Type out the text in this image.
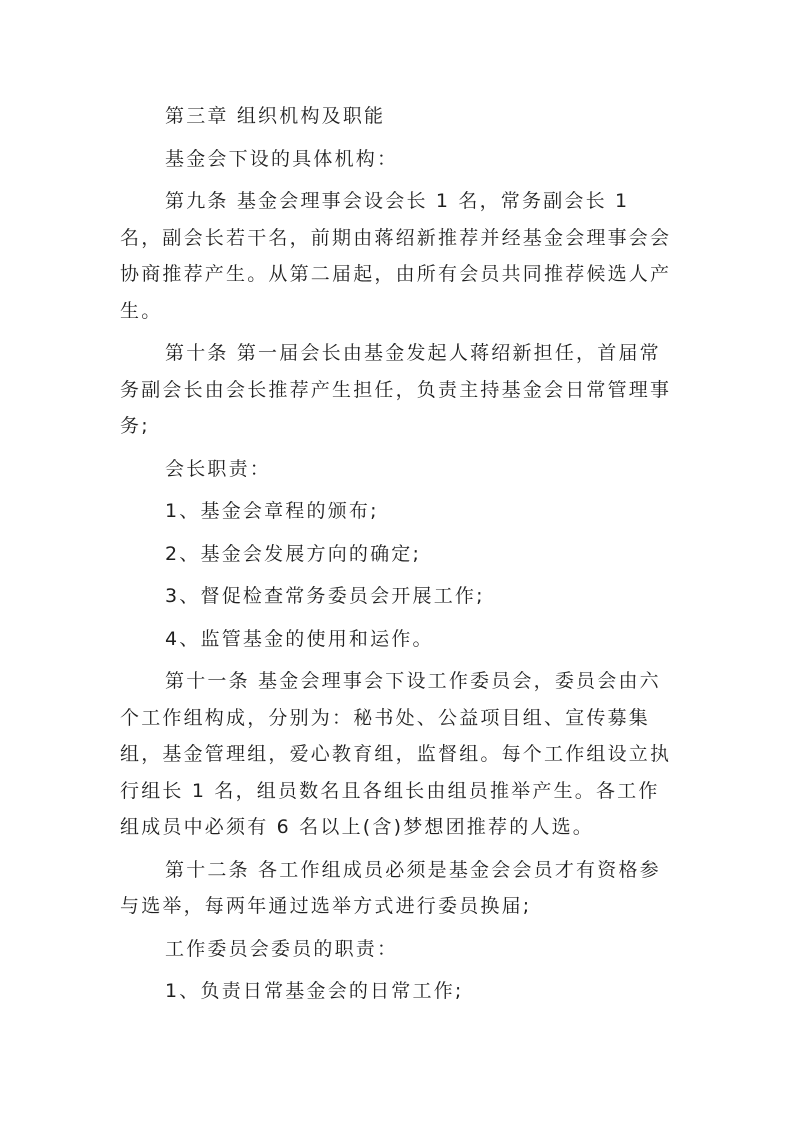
第三章 组织机构及职能

基金会下设的具体机构：

第九条 基金会理事会设会长 1 名，常务副会长 1 名，副会长若干名，前期由蒋绍新推荐并经基金会理事会会协商推荐产生。从第二届起，由所有会员共同推荐候选人产生。

第十条 第一届会长由基金发起人蒋绍新担任，首届常务副会长由会长推荐产生担任，负责主持基金会日常管理事务;

会长职责：

1、基金会章程的颁布;

2、基金会发展方向的确定;

3、督促检查常务委员会开展工作;

4、监管基金的使用和运作。

第十一条 基金会理事会下设工作委员会，委员会由六个工作组构成，分别为：秘书处、公益项目组、宣传募集组，基金管理组，爱心教育组，监督组。每个工作组设立执行组长 1 名，组员数名且各组长由组员推举产生。各工作组成员中必须有 6 名以上(含)梦想团推荐的人选。

第十二条 各工作组成员必须是基金会会员才有资格参与选举，每两年通过选举方式进行委员换届;

工作委员会委员的职责：

1、负责日常基金会的日常工作;
